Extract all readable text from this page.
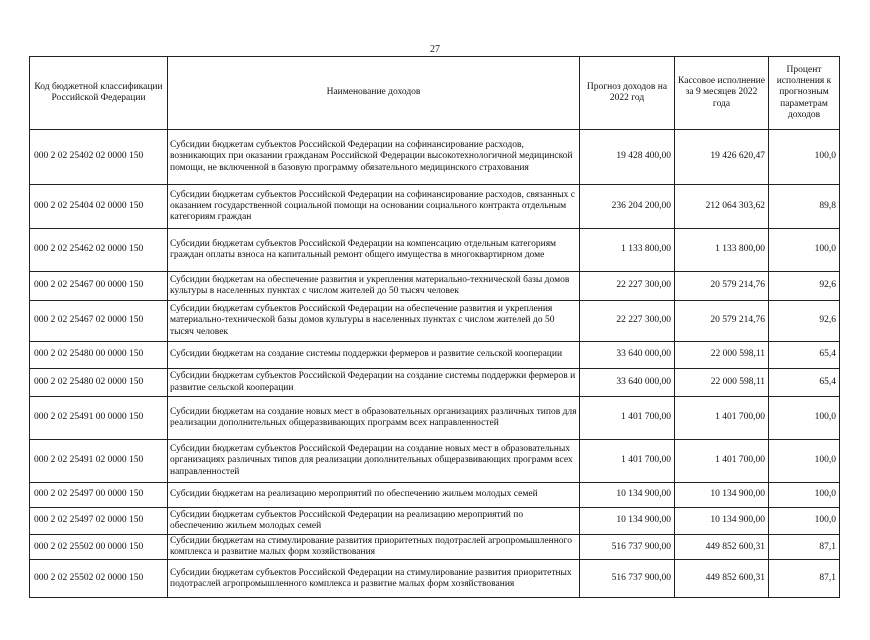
27
Код бюджетной классификации Российской Федерации	Наименование доходов	Прогноз доходов на 2022 год	Кассовое исполнение за 9 месяцев 2022 года	Процент исполнения к прогнозным параметрам доходов
000 2 02 25402 02 0000 150	Субсидии бюджетам субъектов Российской Федерации на софинансирование расходов, возникающих при оказании гражданам Российской Федерации высокотехнологичной медицинской помощи, не включенной в базовую программу обязательного медицинского страхования	19 428 400,00	19 426 620,47	100,0
000 2 02 25404 02 0000 150	Субсидии бюджетам субъектов Российской Федерации на софинансирование расходов, связанных с оказанием государственной социальной помощи на основании социального контракта отдельным категориям граждан	236 204 200,00	212 064 303,62	89,8
000 2 02 25462 02 0000 150	Субсидии бюджетам субъектов Российской Федерации на компенсацию отдельным категориям граждан оплаты взноса на капитальный ремонт общего имущества в многоквартирном доме	1 133 800,00	1 133 800,00	100,0
000 2 02 25467 00 0000 150	Субсидии бюджетам на обеспечение развития и укрепления материально-технической базы домов культуры в населенных пунктах с числом жителей до 50 тысяч человек	22 227 300,00	20 579 214,76	92,6
000 2 02 25467 02 0000 150	Субсидии бюджетам субъектов Российской Федерации на обеспечение развития и укрепления материально-технической базы домов культуры в населенных пунктах с числом жителей до 50 тысяч человек	22 227 300,00	20 579 214,76	92,6
000 2 02 25480 00 0000 150	Субсидии бюджетам на создание системы поддержки фермеров и развитие сельской кооперации	33 640 000,00	22 000 598,11	65,4
000 2 02 25480 02 0000 150	Субсидии бюджетам субъектов Российской Федерации на создание системы поддержки фермеров и развитие сельской кооперации	33 640 000,00	22 000 598,11	65,4
000 2 02 25491 00 0000 150	Субсидии бюджетам на создание новых мест в образовательных организациях различных типов для реализации дополнительных общеразвивающих программ всех направленностей	1 401 700,00	1 401 700,00	100,0
000 2 02 25491 02 0000 150	Субсидии бюджетам субъектов Российской Федерации на создание новых мест в образовательных организациях различных типов для реализации дополнительных общеразвивающих программ всех направленностей	1 401 700,00	1 401 700,00	100,0
000 2 02 25497 00 0000 150	Субсидии бюджетам на реализацию мероприятий по обеспечению жильем молодых семей	10 134 900,00	10 134 900,00	100,0
000 2 02 25497 02 0000 150	Субсидии бюджетам субъектов Российской Федерации на реализацию мероприятий по обеспечению жильем молодых семей	10 134 900,00	10 134 900,00	100,0
000 2 02 25502 00 0000 150	Субсидии бюджетам на стимулирование развития приоритетных подотраслей агропромышленного комплекса и развитие малых форм хозяйствования	516 737 900,00	449 852 600,31	87,1
000 2 02 25502 02 0000 150	Субсидии бюджетам субъектов Российской Федерации на стимулирование развития приоритетных подотраслей агропромышленного комплекса и развитие малых форм хозяйствования	516 737 900,00	449 852 600,31	87,1
